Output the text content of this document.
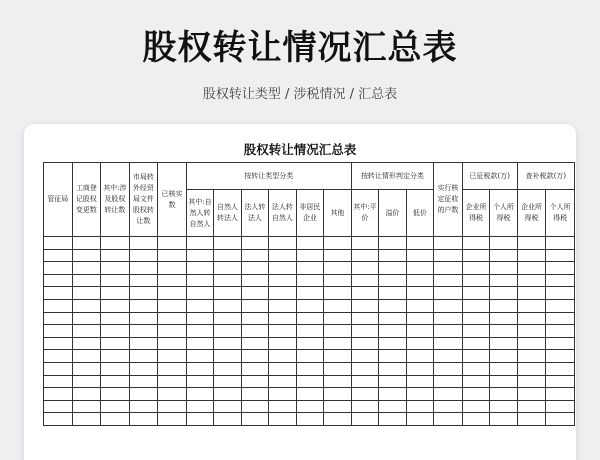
股权转让情况汇总表
股权转让类型 / 涉税情况 / 汇总表
股权转让情况汇总表
管征局	工商登记股权变更数	其中:涉及股权转让数	市局转外经贸局文件股权转让数	已核实数	按转让类型分类						按转让情形判定分类			实行核定征收的户数	已征税款(万)		查补税款(万)	
					其中:自然人转自然人	自然人转法人	法人转法人	法人转自然人	非居民企业	其他	其中:平价	溢价	低价		企业所得税	个人所得税	企业所得税	个人所得税
